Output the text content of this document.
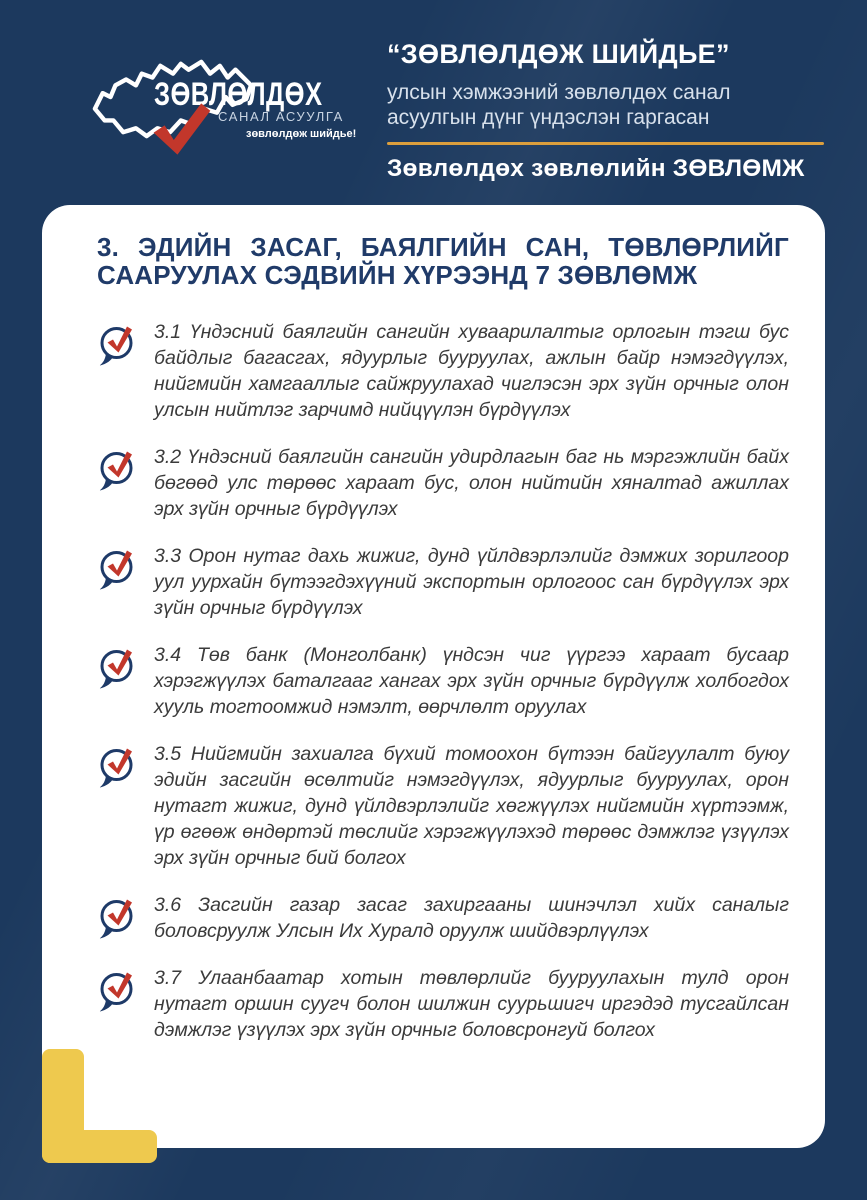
ЗӨВЛӨЛДӨХ
САНАЛ АСУУЛГА
зөвлөлдөж шийдье!
“ЗӨВЛӨЛДӨЖ ШИЙДЬЕ”
улсын хэмжээний зөвлөлдөх санал асуулгын дүнг үндэслэн гаргасан
Зөвлөлдөх зөвлөлийн ЗӨВЛӨМЖ
3. ЭДИЙН ЗАСАГ, БАЯЛГИЙН САН, ТӨВЛӨРЛИЙГ
СААРУУЛАХ СЭДВИЙН ХҮРЭЭНД 7 ЗӨВЛӨМЖ
3.1 Үндэсний баялгийн сангийн хуваарилалтыг орлогын тэгш бус байдлыг багасгах, ядуурлыг бууруулах, ажлын байр нэмэгдүүлэх, нийгмийн хамгааллыг сайжруулахад чиглэсэн эрх зүйн орчныг олон улсын нийтлэг зарчимд нийцүүлэн бүрдүүлэх
3.2 Үндэсний баялгийн сангийн удирдлагын баг нь мэргэжлийн байх бөгөөд улс төрөөс хараат бус, олон нийтийн хяналтад ажиллах эрх зүйн орчныг бүрдүүлэх
3.3 Орон нутаг дахь жижиг, дунд үйлдвэрлэлийг дэмжих зорилгоор уул уурхайн бүтээгдэхүүний экспортын орлогоос сан бүрдүүлэх эрх зүйн орчныг бүрдүүлэх
3.4 Төв банк (Монголбанк) үндсэн чиг үүргээ хараат бусаар хэрэгжүүлэх баталгааг хангах эрх зүйн орчныг бүрдүүлж холбогдох хууль тогтоомжид нэмэлт, өөрчлөлт оруулах
3.5 Нийгмийн захиалга бүхий томоохон бүтээн байгуулалт буюу эдийн засгийн өсөлтийг нэмэгдүүлэх, ядуурлыг бууруулах, орон нутагт жижиг, дунд үйлдвэрлэлийг хөгжүүлэх нийгмийн хүртээмж, үр өгөөж өндөртэй төслийг хэрэгжүүлэхэд төрөөс дэмжлэг үзүүлэх эрх зүйн орчныг бий болгох
3.6 Засгийн газар засаг захиргааны шинэчлэл хийх саналыг боловсруулж Улсын Их Хуралд оруулж шийдвэрлүүлэх
3.7 Улаанбаатар хотын төвлөрлийг бууруулахын тулд орон нутагт оршин суугч болон шилжин суурьшигч иргэдэд тусгайлсан дэмжлэг үзүүлэх эрх зүйн орчныг боловсронгуй болгох
